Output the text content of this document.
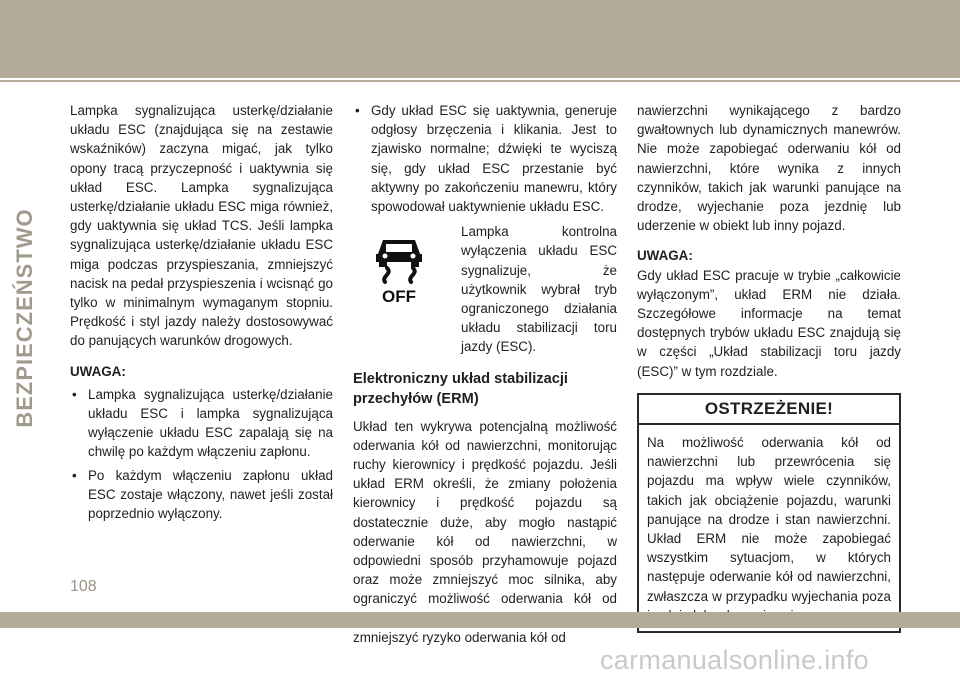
BEZPIECZEŃSTWO

Lampka sygnalizująca usterkę/działanie układu ESC (znajdująca się na zestawie wskaźników) zaczyna migać, jak tylko opony tracą przyczepność i uaktywnia się układ ESC. Lampka sygnalizująca usterkę/działanie układu ESC miga również, gdy uaktywnia się układ TCS. Jeśli lampka sygnalizująca usterkę/działanie układu ESC miga podczas przyspieszania, zmniejszyć nacisk na pedał przyspieszenia i wcisnąć go tylko w minimalnym wymaganym stopniu. Prędkość i styl jazdy należy dostosowywać do panujących warunków drogowych.

UWAGA:

• Lampka sygnalizująca usterkę/działanie układu ESC i lampka sygnalizująca wyłączenie układu ESC zapalają się na chwilę po każdym włączeniu zapłonu.

• Po każdym włączeniu zapłonu układ ESC zostaje włączony, nawet jeśli został poprzednio wyłączony.

• Gdy układ ESC się uaktywnia, generuje odgłosy brzęczenia i klikania. Jest to zjawisko normalne; dźwięki te wyciszą się, gdy układ ESC przestanie być aktywny po zakończeniu manewru, który spowodował uaktywnienie układu ESC.

OFF

Lampka kontrolna wyłączenia układu ESC sygnalizuje, że użytkownik wybrał tryb ograniczonego działania układu stabilizacji toru jazdy (ESC).

Elektroniczny układ stabilizacji przechyłów (ERM)

Układ ten wykrywa potencjalną możliwość oderwania kół od nawierzchni, monitorując ruchy kierownicy i prędkość pojazdu. Jeśli układ ERM określi, że zmiany położenia kierownicy i prędkość pojazdu są dostatecznie duże, aby mogło nastąpić oderwanie kół od nawierzchni, w odpowiedni sposób przyhamowuje pojazd oraz może zmniejszyć moc silnika, aby ograniczyć możliwość oderwania kół od zmniejszyć ryzyko oderwania kół od

nawierzchni wynikającego z bardzo gwałtownych lub dynamicznych manewrów. Nie może zapobiegać oderwaniu kół od nawierzchni, które wynika z innych czynników, takich jak warunki panujące na drodze, wyjechanie poza jezdnię lub uderzenie w obiekt lub inny pojazd.

UWAGA:

Gdy układ ESC pracuje w trybie „całkowicie wyłączonym”, układ ERM nie działa. Szczegółowe informacje na temat dostępnych trybów układu ESC znajdują się w części „Układ stabilizacji toru jazdy (ESC)” w tym rozdziale.

OSTRZEŻENIE!

Na możliwość oderwania kół od nawierzchni lub przewrócenia się pojazdu ma wpływ wiele czynników, takich jak obciążenie pojazdu, warunki panujące na drodze i stan nawierzchni. Układ ERM nie może zapobiegać wszystkim sytuacjom, w których następuje oderwanie kół od nawierzchni, zwłaszcza w przypadku wyjechania poza

108
carmanualsonline.info
